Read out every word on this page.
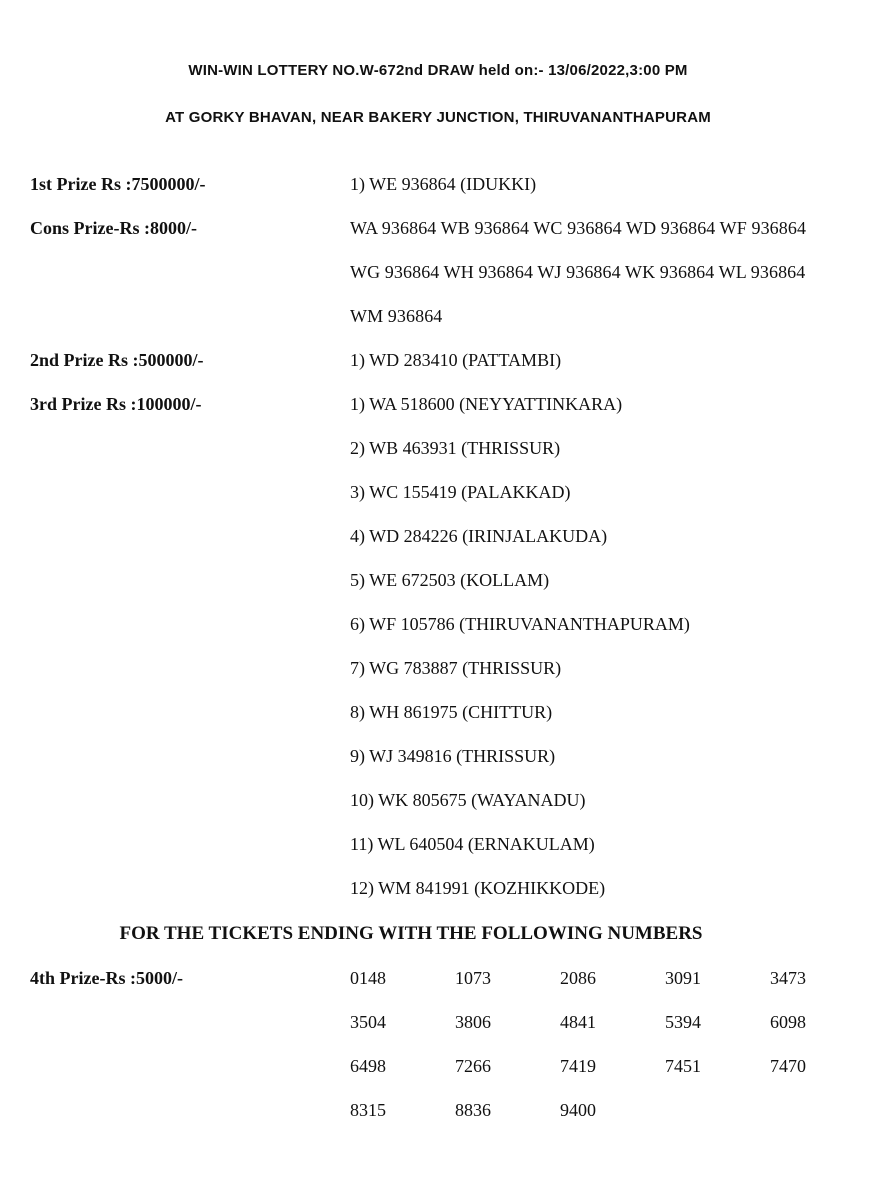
WIN-WIN LOTTERY NO.W-672nd DRAW held on:- 13/06/2022,3:00 PM
AT GORKY BHAVAN, NEAR BAKERY JUNCTION, THIRUVANANTHAPURAM
1st Prize Rs :7500000/-	1) WE 936864 (IDUKKI)
Cons Prize-Rs :8000/-	WA 936864 WB 936864 WC 936864 WD 936864 WF 936864
WG 936864 WH 936864 WJ 936864 WK 936864 WL 936864
WM 936864
2nd Prize Rs :500000/-	1) WD 283410 (PATTAMBI)
3rd Prize Rs :100000/-	1) WA 518600 (NEYYATTINKARA)
2) WB 463931 (THRISSUR)
3) WC 155419 (PALAKKAD)
4) WD 284226 (IRINJALAKUDA)
5) WE 672503 (KOLLAM)
6) WF 105786 (THIRUVANANTHAPURAM)
7) WG 783887 (THRISSUR)
8) WH 861975 (CHITTUR)
9) WJ 349816 (THRISSUR)
10) WK 805675 (WAYANADU)
11) WL 640504 (ERNAKULAM)
12) WM 841991 (KOZHIKKODE)
FOR THE TICKETS ENDING WITH THE FOLLOWING NUMBERS
4th Prize-Rs :5000/-	0148	1073	2086	3091	3473
3504	3806	4841	5394	6098
6498	7266	7419	7451	7470
8315	8836	9400
